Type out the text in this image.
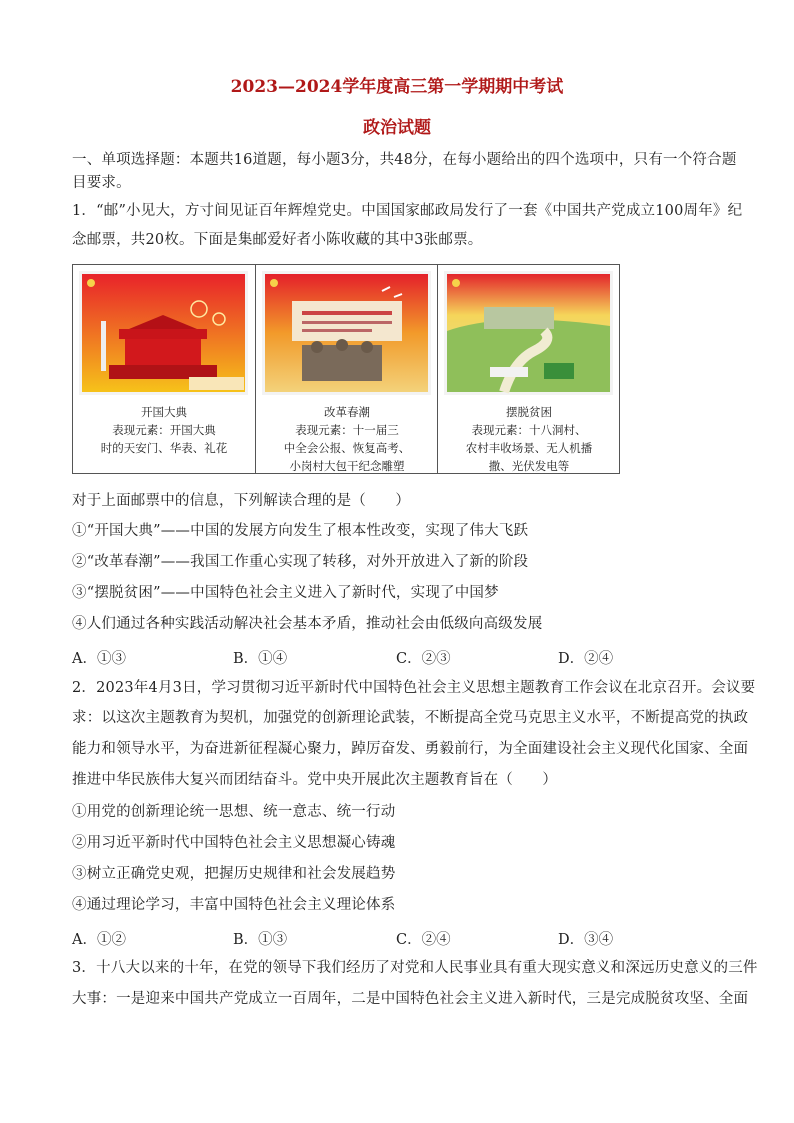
2023—2024学年度高三第一学期期中考试
政治试题
一、单项选择题：本题共16道题，每小题3分，共48分，在每小题给出的四个选项中，只有一个符合题
目要求。
1．“邮”小见大，方寸间见证百年辉煌党史。中国国家邮政局发行了一套《中国共产党成立100周年》纪
念邮票，共20枚。下面是集邮爱好者小陈收藏的其中3张邮票。
开国大典
表现元素：开国大典
时的天安门、华表、礼花
改革春潮
表现元素：十一届三
中全会公报、恢复高考、
小岗村大包干纪念雕塑
摆脱贫困
表现元素：十八洞村、
农村丰收场景、无人机播
撒、光伏发电等
对于上面邮票中的信息，下列解读合理的是（　　）
①“开国大典”——中国的发展方向发生了根本性改变，实现了伟大飞跃
②“改革春潮”——我国工作重心实现了转移，对外开放进入了新的阶段
③“摆脱贫困”——中国特色社会主义进入了新时代，实现了中国梦
④人们通过各种实践活动解决社会基本矛盾，推动社会由低级向高级发展
A．①③	B．①④	C．②③	D．②④
2．2023年4月3日，学习贯彻习近平新时代中国特色社会主义思想主题教育工作会议在北京召开。会议要
求：以这次主题教育为契机，加强党的创新理论武装，不断提高全党马克思主义水平，不断提高党的执政
能力和领导水平，为奋进新征程凝心聚力，踔厉奋发、勇毅前行，为全面建设社会主义现代化国家、全面
推进中华民族伟大复兴而团结奋斗。党中央开展此次主题教育旨在（　　）
①用党的创新理论统一思想、统一意志、统一行动
②用习近平新时代中国特色社会主义思想凝心铸魂
③树立正确党史观，把握历史规律和社会发展趋势
④通过理论学习，丰富中国特色社会主义理论体系
A．①②	B．①③	C．②④	D．③④
3．十八大以来的十年，在党的领导下我们经历了对党和人民事业具有重大现实意义和深远历史意义的三件
大事：一是迎来中国共产党成立一百周年，二是中国特色社会主义进入新时代，三是完成脱贫攻坚、全面
